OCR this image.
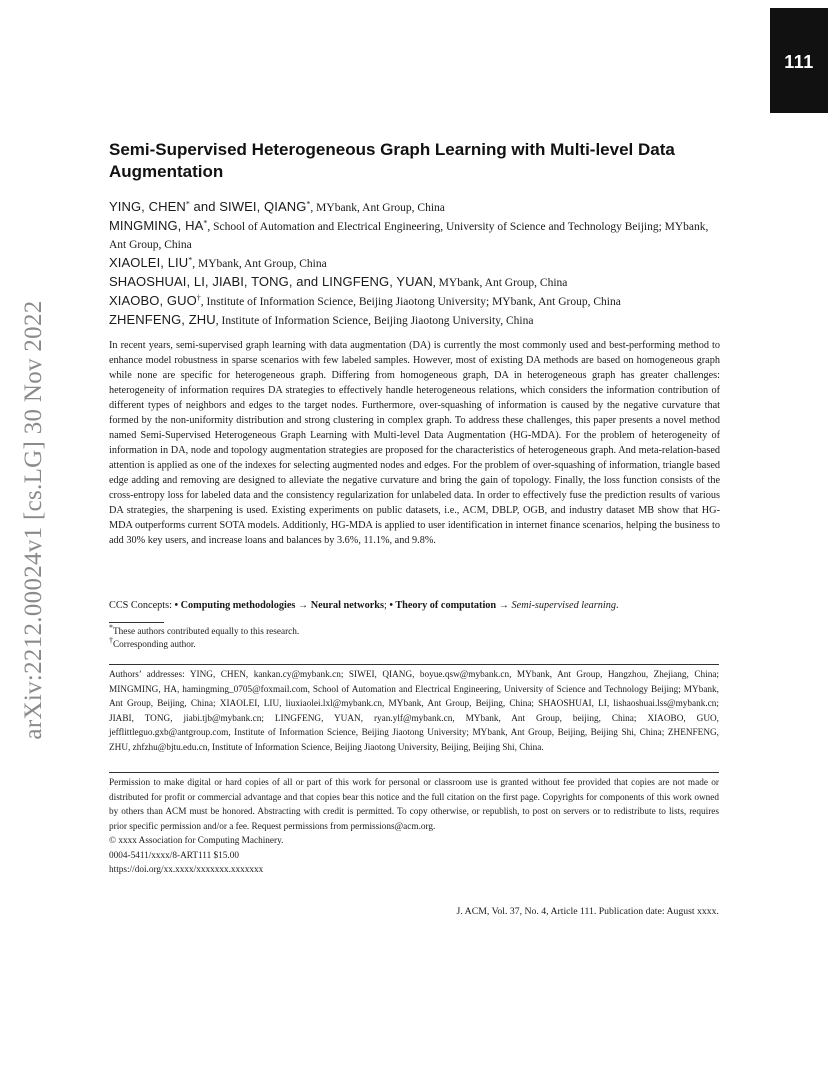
111
arXiv:2212.00024v1 [cs.LG] 30 Nov 2022
Semi-Supervised Heterogeneous Graph Learning with Multi-level Data Augmentation
YING, CHEN* and SIWEI, QIANG*, MYbank, Ant Group, China
MINGMING, HA*, School of Automation and Electrical Engineering, University of Science and Technology Beijing; MYbank, Ant Group, China
XIAOLEI, LIU*, MYbank, Ant Group, China
SHAOSHUAI, LI, JIABI, TONG, and LINGFENG, YUAN, MYbank, Ant Group, China
XIAOBO, GUO†, Institute of Information Science, Beijing Jiaotong University; MYbank, Ant Group, China
ZHENFENG, ZHU, Institute of Information Science, Beijing Jiaotong University, China

In recent years, semi-supervised graph learning with data augmentation (DA) is currently the most commonly used and best-performing method to enhance model robustness in sparse scenarios with few labeled samples. However, most of existing DA methods are based on homogeneous graph while none are specific for heterogeneous graph. Differing from homogeneous graph, DA in heterogeneous graph has greater challenges: heterogeneity of information requires DA strategies to effectively handle heterogeneous relations, which considers the information contribution of different types of neighbors and edges to the target nodes. Furthermore, over-squashing of information is caused by the negative curvature that formed by the non-uniformity distribution and strong clustering in complex graph. To address these challenges, this paper presents a novel method named Semi-Supervised Heterogeneous Graph Learning with Multi-level Data Augmentation (HG-MDA). For the problem of heterogeneity of information in DA, node and topology augmentation strategies are proposed for the characteristics of heterogeneous graph. And meta-relation-based attention is applied as one of the indexes for selecting augmented nodes and edges. For the problem of over-squashing of information, triangle based edge adding and removing are designed to alleviate the negative curvature and bring the gain of topology. Finally, the loss function consists of the cross-entropy loss for labeled data and the consistency regularization for unlabeled data. In order to effectively fuse the prediction results of various DA strategies, the sharpening is used. Existing experiments on public datasets, i.e., ACM, DBLP, OGB, and industry dataset MB show that HG-MDA outperforms current SOTA models. Additionly, HG-MDA is applied to user identification in internet finance scenarios, helping the business to add 30% key users, and increase loans and balances by 3.6%, 11.1%, and 9.8%.

CCS Concepts: • Computing methodologies → Neural networks; • Theory of computation → Semi-supervised learning.
*These authors contributed equally to this research.
†Corresponding author.

Authors’ addresses: YING, CHEN, kankan.cy@mybank.cn; SIWEI, QIANG, boyue.qsw@mybank.cn, MYbank, Ant Group, Hangzhou, Zhejiang, China; MINGMING, HA, hamingming_0705@foxmail.com, School of Automation and Electrical Engineering, University of Science and Technology Beijing; MYbank, Ant Group, Beijing, China; XIAOLEI, LIU, liuxiaolei.lxl@mybank.cn, MYbank, Ant Group, Beijing, China; SHAOSHUAI, LI, lishaoshuai.lss@mybank.cn; JIABI, TONG, jiabi.tjb@mybank.cn; LINGFENG, YUAN, ryan.ylf@mybank.cn, MYbank, Ant Group, beijing, China; XIAOBO, GUO, jefflittleguo.gxb@antgroup.com, Institute of Information Science, Beijing Jiaotong University; MYbank, Ant Group, Beijing, Beijing Shi, China; ZHENFENG, ZHU, zhfzhu@bjtu.edu.cn, Institute of Information Science, Beijing Jiaotong University, Beijing, Beijing Shi, China.

Permission to make digital or hard copies of all or part of this work for personal or classroom use is granted without fee provided that copies are not made or distributed for profit or commercial advantage and that copies bear this notice and the full citation on the first page. Copyrights for components of this work owned by others than ACM must be honored. Abstracting with credit is permitted. To copy otherwise, or republish, to post on servers or to redistribute to lists, requires prior specific permission and/or a fee. Request permissions from permissions@acm.org.

© xxxx Association for Computing Machinery.
0004-5411/xxxx/8-ART111 $15.00
https://doi.org/xx.xxxx/xxxxxxx.xxxxxxx
J. ACM, Vol. 37, No. 4, Article 111. Publication date: August xxxx.
